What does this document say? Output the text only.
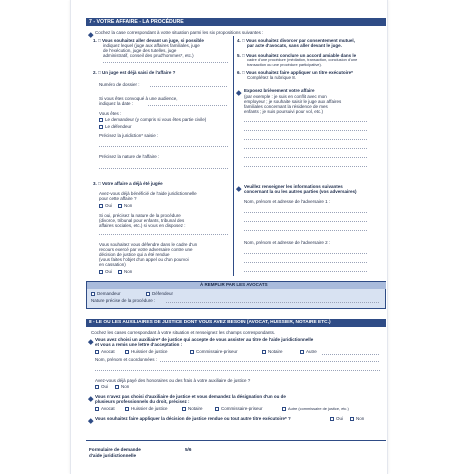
7 - VOTRE AFFAIRE - LA PROCÉDURE
Cochez la case correspondant à votre situation parmi les six propositions suivantes :
1. □ Vous souhaitez aller devant un juge, si possible
indiquez lequel (juge aux affaires familiales, juge
de l'exécution, juge des tutelles, juge
administratif, conseil des prud'hommes*, etc.)
2. □ Un juge est déjà saisi de l'affaire ?
Numéro de dossier :
Si vous êtes convoqué à une audience,
indiquez la date :
Vous êtes :
Le demandeur (y compris si vous êtes partie civile)
Le défendeur
Précisez la juridiction* saisie :
Précisez la nature de l'affaire :
3. □ Votre affaire a déjà été jugée
Avez-vous déjà bénéficié de l'aide juridictionnelle
pour cette affaire ?
Oui	Non
Si oui, précisez la nature de la procédure
(divorce, tribunal pour enfants, tribunal des
affaires sociales, etc.) si vous en disposez :
Vous souhaitez vous défendre dans le cadre d'un
recours exercé par votre adversaire contre une
décision de justice qui a été rendue
(vous faites l'objet d'un appel ou d'un pourvoi
en cassation)
Oui	Non
4. □ Vous souhaitez divorcer par consentement mutuel,
par acte d'avocats, sans aller devant le juge.
5. □ Vous souhaitez conclure un accord amiable dans le
cadre d'une procédure (médiation, transaction, conclusion d'une
transaction ou une procédure participative).
6. □ Vous souhaitez faire appliquer un titre exécutoire*
Complétez la rubrique 8.
Exposez brièvement votre affaire
(par exemple : je suis en conflit avec mon
employeur ; je souhaite saisir le juge aux affaires
familiales concernant la résidence de mes
enfants ; je suis poursuivi pour vol, etc.)
Veuillez renseigner les informations suivantes
concernant la ou les autres parties (vos adversaires)
Nom, prénom et adresse de l'adversaire 1 :
Nom, prénom et adresse de l'adversaire 2 :
À REMPLIR PAR LES AVOCATS
Demandeur	Défendeur
Nature précise de la procédure :
8 - LE OU LES AUXILIAIRES DE JUSTICE DONT VOUS AVEZ BESOIN (AVOCAT, HUISSIER, NOTAIRE ETC.)
Cochez les cases correspondant à votre situation et renseignez les champs correspondants.
Vous avez choisi un auxiliaire* de justice qui accepte de vous assister au titre de l'aide juridictionnelle
et vous a remis une lettre d'acceptation :
Avocat	Huissier de justice	Commissaire-priseur	Notaire	Autre
Nom, prénom et coordonnées :
Avez-vous déjà payé des honoraires ou des frais à votre auxiliaire de justice ?
Oui	Non
Vous n'avez pas choisi d'auxiliaire de justice et vous demandez la désignation d'un ou de
plusieurs professionnels du droit, précisez :
Avocat	Huissier de justice	Notaire	Commissaire-priseur	Autre (commissaire de justice, etc.)
Vous souhaitez faire appliquer la décision de justice rendue ou tout autre titre exécutoire* ?	Oui	Non
Formulaire de demande
d'aide juridictionnelle
5/6
